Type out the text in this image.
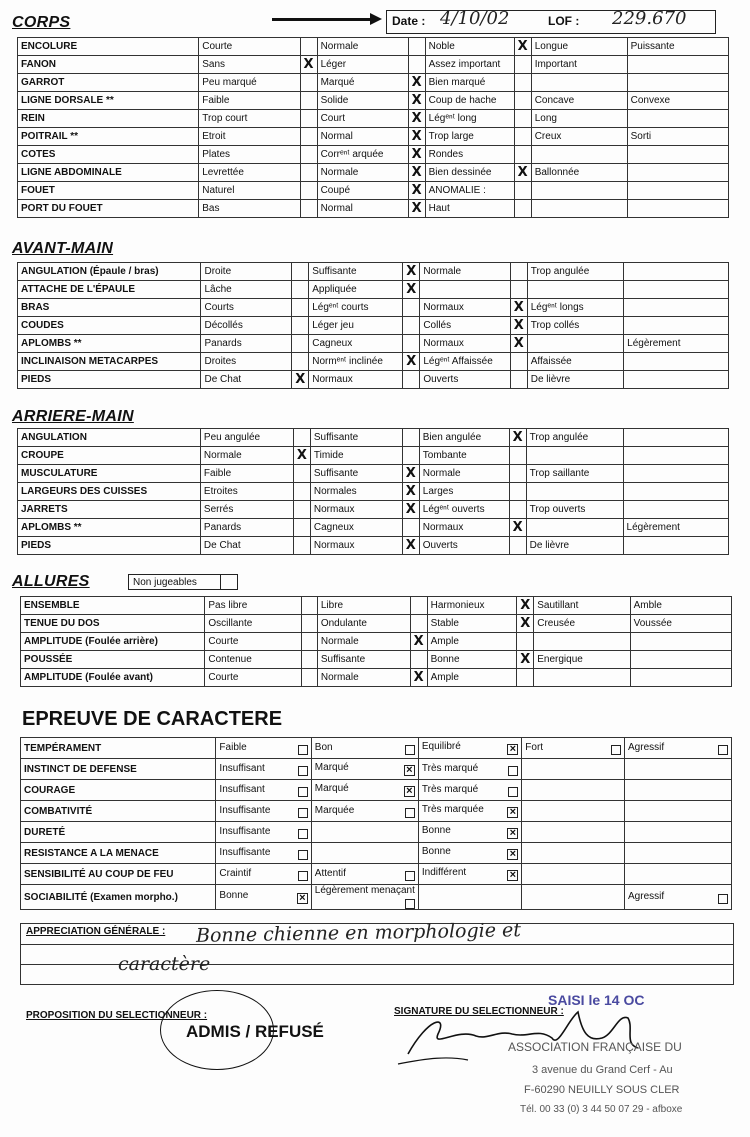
CORPS	Date : 4/10/02	LOF : 229.670
ENCOLURE	Courte		Normale		Noble	X	Longue	Puissante
FANON	Sans	X	Léger		Assez important		Important	
GARROT	Peu marqué		Marqué	X	Bien marqué			
LIGNE DORSALE **	Faible		Solide	X	Coup de hache		Concave	Convexe
REIN	Trop court		Court	X	Légᵉⁿᵗ long		Long	
POITRAIL **	Etroit		Normal	X	Trop large		Creux	Sorti
COTES	Plates		Corrᵉⁿᵗ arquée	X	Rondes			
LIGNE ABDOMINALE	Levrettée		Normale	X	Bien dessinée	X	Ballonnée	
FOUET	Naturel		Coupé	X	ANOMALIE :			
PORT DU FOUET	Bas		Normal	X	Haut			
AVANT-MAIN
ANGULATION (Épaule / bras)	Droite		Suffisante	X	Normale		Trop angulée	
ATTACHE DE L'ÉPAULE	Lâche		Appliquée	X				
BRAS	Courts		Légᵉⁿᵗ courts		Normaux	X	Légᵉⁿᵗ longs	
COUDES	Décollés		Léger jeu		Collés	X	Trop collés	
APLOMBS **	Panards		Cagneux		Normaux	X		Légèrement
INCLINAISON METACARPES	Droites		Normᵉⁿᵗ inclinée	X	Légᵉⁿᵗ Affaissée		Affaissée	
PIEDS	De Chat	X	Normaux		Ouverts		De lièvre	
ARRIERE-MAIN
ANGULATION	Peu angulée		Suffisante		Bien angulée	X	Trop angulée	
CROUPE	Normale	X	Timide		Tombante			
MUSCULATURE	Faible		Suffisante	X	Normale		Trop saillante	
LARGEURS DES CUISSES	Etroites		Normales	X	Larges			
JARRETS	Serrés		Normaux	X	Légᵉⁿᵗ ouverts		Trop ouverts	
APLOMBS **	Panards		Cagneux		Normaux	X		Légèrement
PIEDS	De Chat		Normaux	X	Ouverts		De lièvre	
ALLURES	Non jugeables
ENSEMBLE	Pas libre		Libre		Harmonieux	X	Sautillant	Amble
TENUE DU DOS	Oscillante		Ondulante		Stable	X	Creusée	Voussée
AMPLITUDE (Foulée arrière)	Courte		Normale	X	Ample			
POUSSÉE	Contenue		Suffisante		Bonne	X	Energique	
AMPLITUDE (Foulée avant)	Courte		Normale	X	Ample			
EPREUVE DE CARACTERE
TEMPÉRAMENT	Faible	Bon	Equilibré ×	Fort	Agressif

INSTINCT DE DEFENSE	Insuffisant	Marqué ×	Très marqué

COURAGE	Insuffisant	Marqué ×	Très marqué

COMBATIVITÉ	Insuffisante	Marquée	Très marquée ×		

DURETÉ	Insuffisante		Bonne ×		

RESISTANCE A LA MENACE	Insuffisante		Bonne ×		

SENSIBILITÉ AU COUP DE FEU	Craintif	Attentif	Indifférent ×		

SOCIABILITÉ (Examen morpho.)	Bonne ×	Légèrement menaçant			Agressif
APPRECIATION GÉNÉRALE : Bonne chienne en morphologie et
caractère
PROPOSITION DU SELECTIONNEUR :
ADMIS / REFUSÉ
SIGNATURE DU SELECTIONNEUR :
SAISI le 14 OC
ASSOCIATION FRANÇAISE DU
3 avenue du Grand Cerf - Au
F-60290 NEUILLY SOUS CLER
Tél. 00 33 (0) 3 44 50 07 29 - afboxe
